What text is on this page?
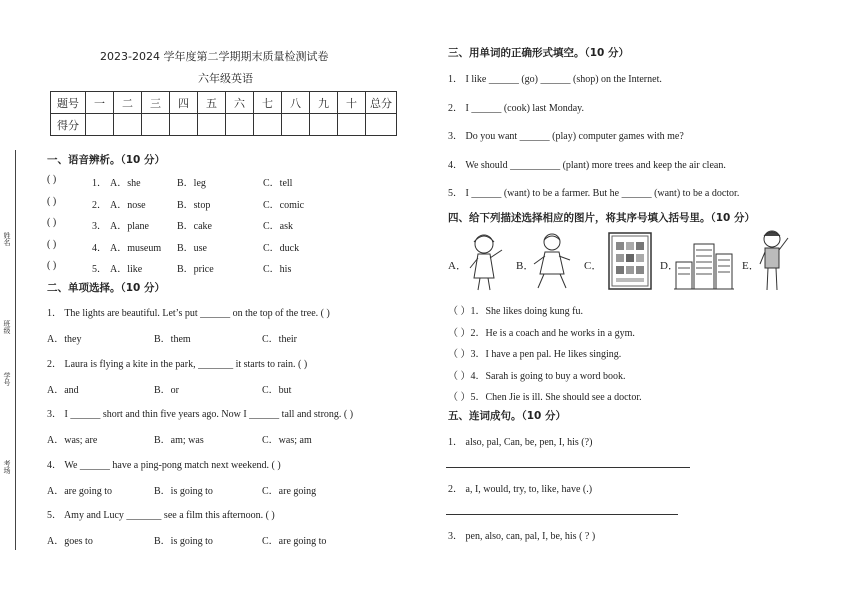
姓名
班级
学号
考场
2023-2024 学年度第二学期期末质量检测试卷
六年级英语
题号	一	二	三	四	五	六	七	八	九	十	总分
得分											
一、语音辨析。（10 分）
( )	1． A．she	B．leg	C．tell
( )	2． A．nose	B．stop	C．comic
( )	3． A．plane	B．cake	C．ask
( )	4． A．museum B．use	C．duck
( )	5． A．like	B．price	C．his
二、单项选择。（10 分）
1． The lights are beautiful. Let’s put ______ on the top of the tree. ( )
A．they	B．them	C．their
2． Laura is flying a kite in the park, _______ it starts to rain. ( )
A．and	B．or	C．but
3． I ______ short and thin five years ago. Now I ______ tall and strong. ( )
A．was; are	B．am; was	C．was; am
4． We ______ have a ping-pong match next weekend. ( )
A．are going to	B．is going to	C．are going
5． Amy and Lucy _______ see a film this afternoon. ( )
A．goes to	B．is going to	C．are going to
三、用单词的正确形式填空。（10 分）
1． I like ______ (go) ______ (shop) on the Internet.
2． I ______ (cook) last Monday.
3． Do you want ______ (play) computer games with me?
4． We should __________ (plant) more trees and keep the air clean.
5． I ______ (want) to be a farmer. But he ______ (want) to be a doctor.
四、给下列描述选择相应的图片，将其序号填入括号里。（10 分）
A．	B．	C．	D．	E．
（ ）1．She likes doing kung fu.
（ ）2．He is a coach and he works in a gym.
（ ）3．I have a pen pal. He likes singing.
（ ）4．Sarah is going to buy a word book.
（ ）5．Chen Jie is ill. She should see a doctor.
五、连词成句。（10 分）
1． also, pal, Can, be, pen, I, his (?)
2． a, I, would, try, to, like, have (.)
3． pen, also, can, pal, I, be, his ( ? )
